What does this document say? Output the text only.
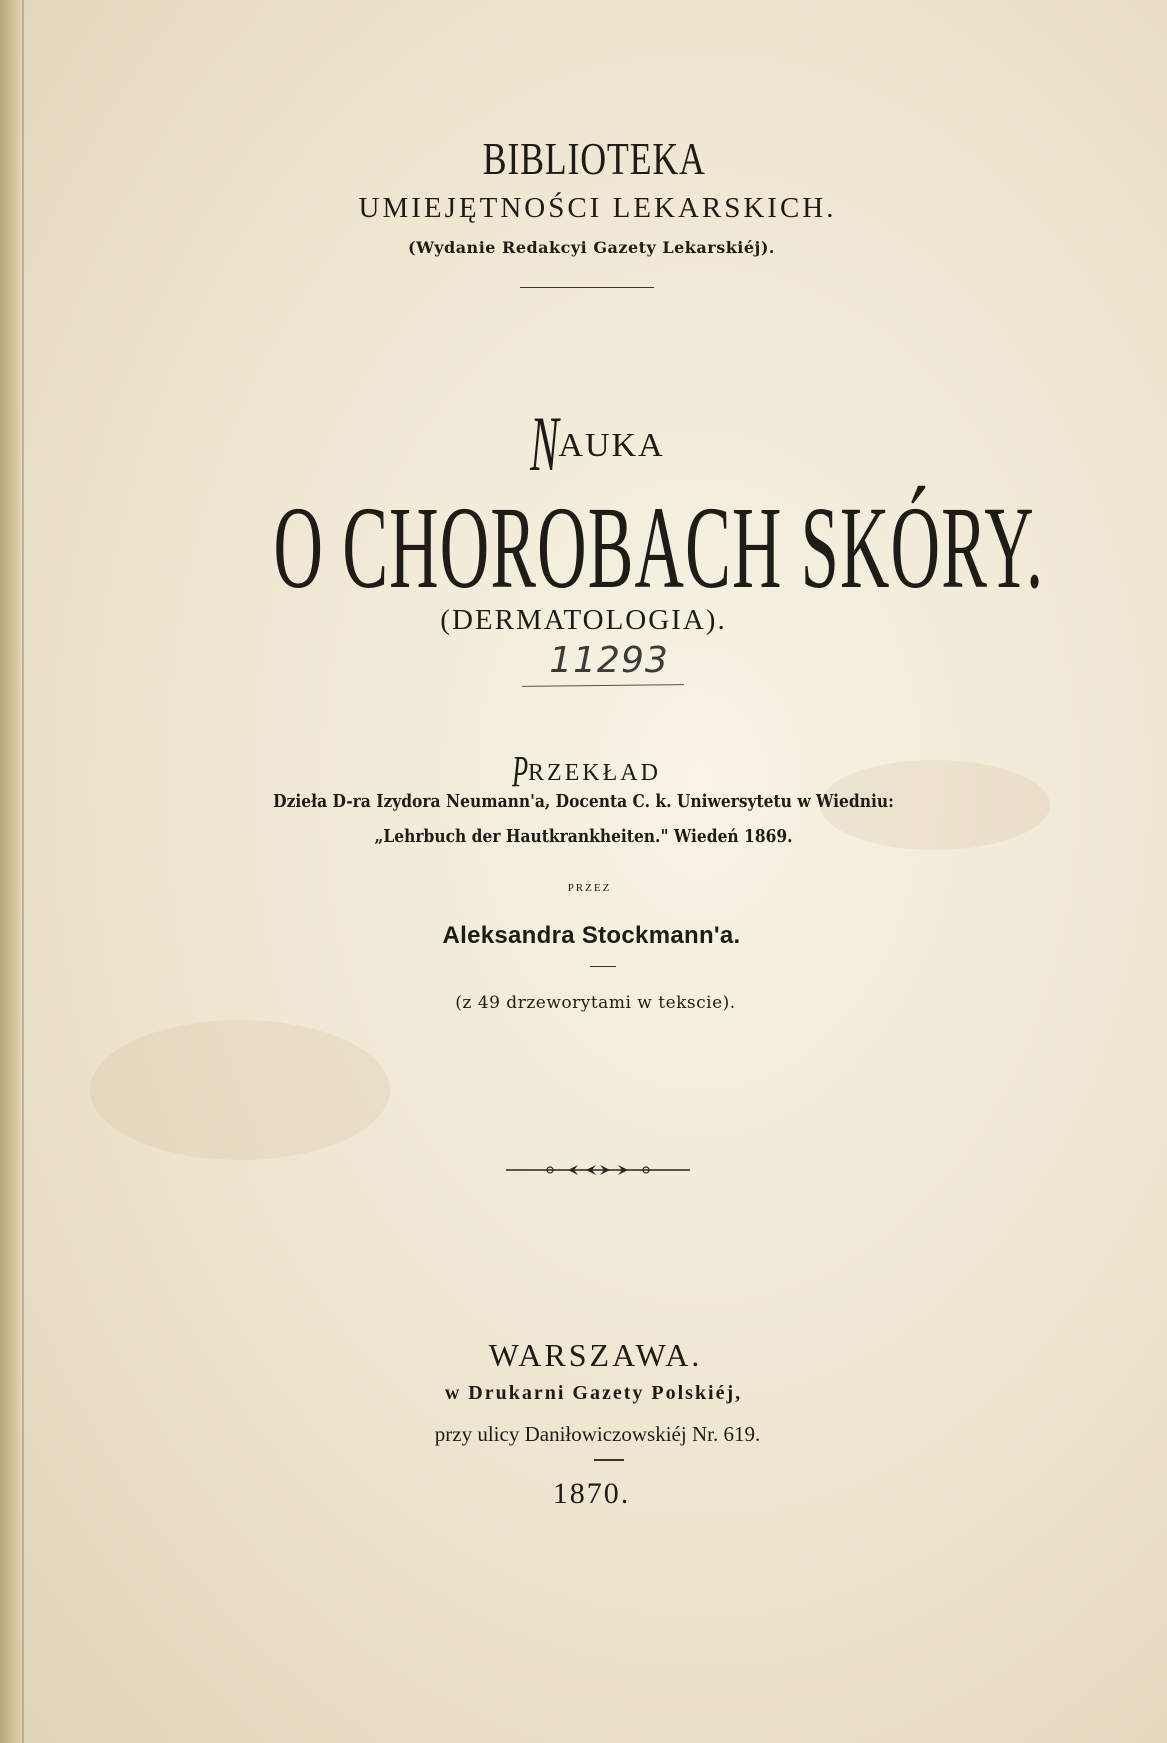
BIBLIOTEKA
UMIEJĘTNOŚCI LEKARSKICH.
(Wydanie Redakcyi Gazety Lekarskiéj).
NAUKA
O CHOROBACH SKÓRY.
(DERMATOLOGIA).
11293
PRZEKŁAD
Dzieła D-ra Izydora Neumann'a, Docenta C. k. Uniwersytetu w Wiedniu:
„Lehrbuch der Hautkrankheiten." Wiedeń 1869.
PRZEZ
Aleksandra Stockmann'a.
(z 49 drzeworytami w tekscie).
WARSZAWA.
w Drukarni Gazety Polskiéj,
przy ulicy Daniłowiczowskiéj Nr. 619.
1870.
